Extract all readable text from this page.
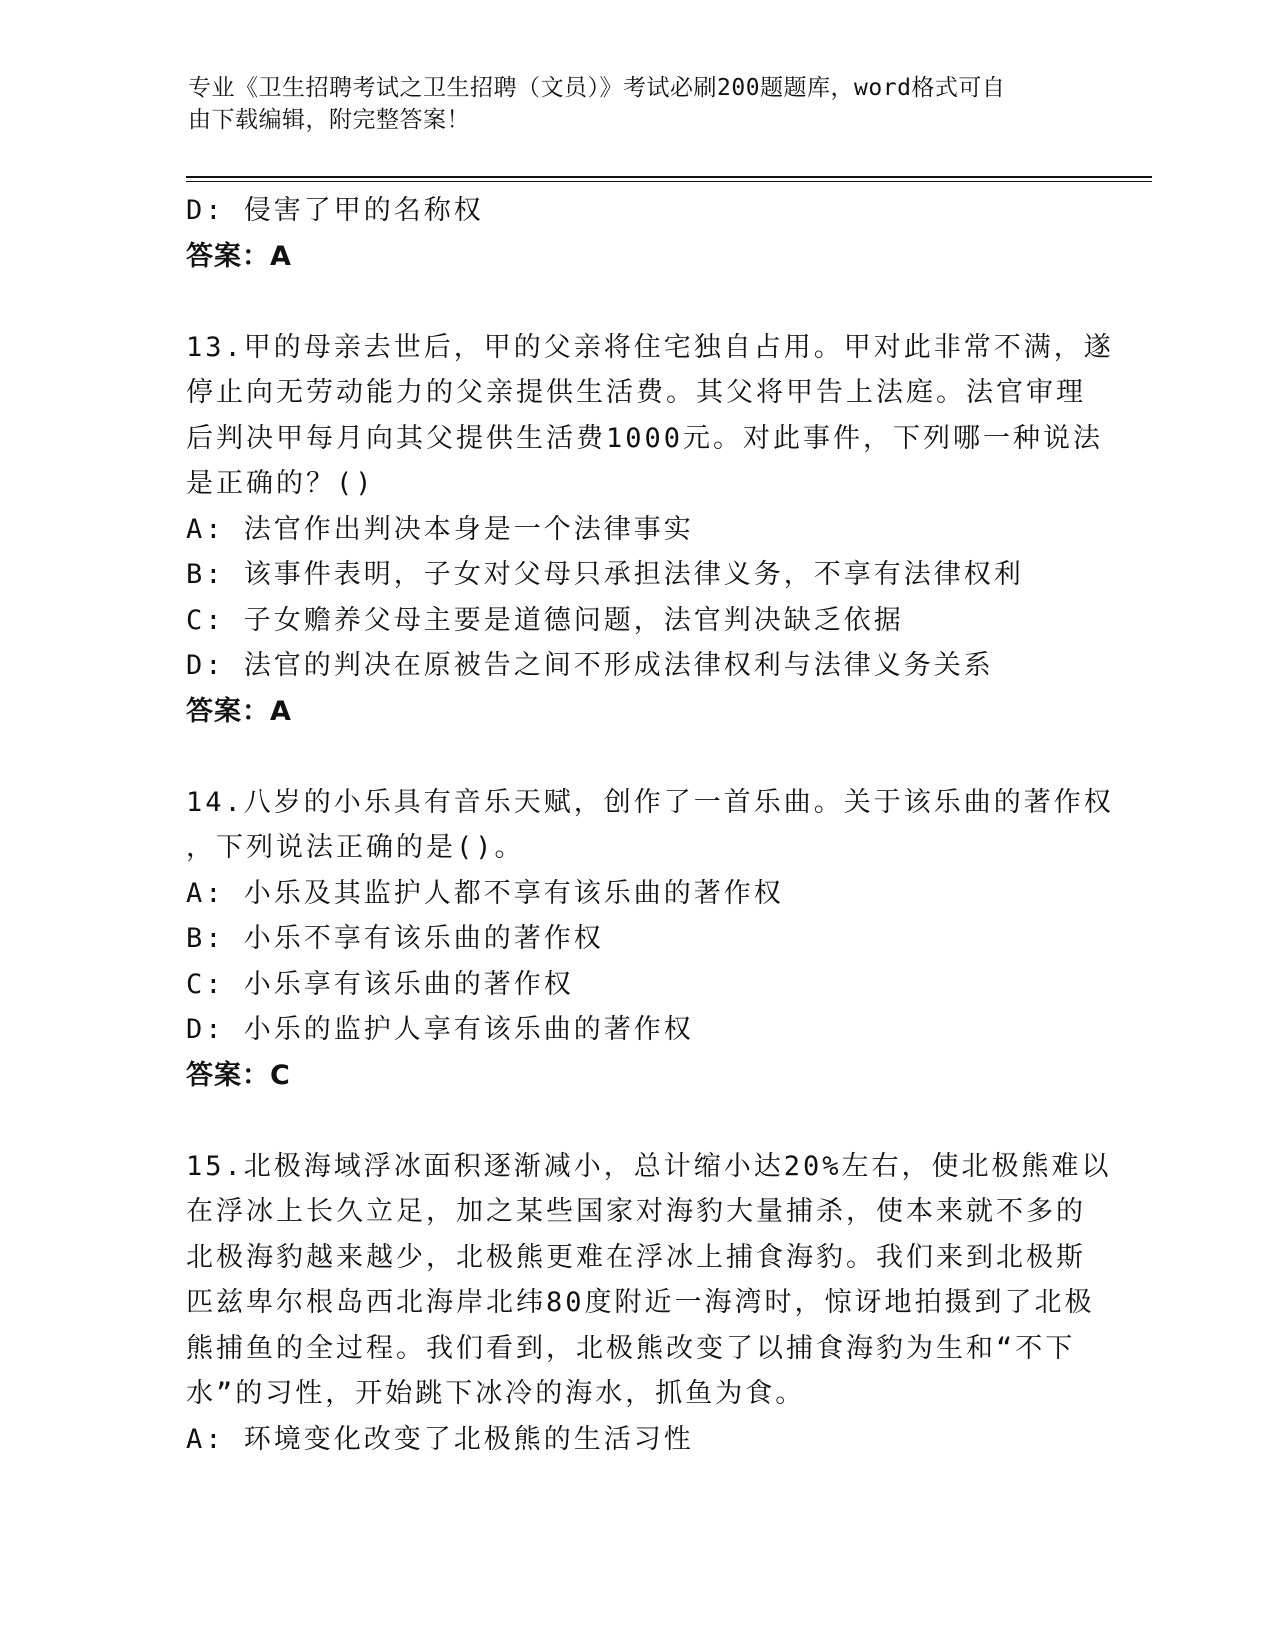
专业《卫生招聘考试之卫生招聘（文员）》考试必刷200题题库，word格式可自
由下载编辑，附完整答案！
D: 侵害了甲的名称权
答案：A
13.甲的母亲去世后，甲的父亲将住宅独自占用。甲对此非常不满，遂
停止向无劳动能力的父亲提供生活费。其父将甲告上法庭。法官审理
后判决甲每月向其父提供生活费1000元。对此事件，下列哪一种说法
是正确的？()
A: 法官作出判决本身是一个法律事实
B: 该事件表明，子女对父母只承担法律义务，不享有法律权利
C: 子女赡养父母主要是道德问题，法官判决缺乏依据
D: 法官的判决在原被告之间不形成法律权利与法律义务关系
答案：A
14.八岁的小乐具有音乐天赋，创作了一首乐曲。关于该乐曲的著作权
，下列说法正确的是()。
A: 小乐及其监护人都不享有该乐曲的著作权
B: 小乐不享有该乐曲的著作权
C: 小乐享有该乐曲的著作权
D: 小乐的监护人享有该乐曲的著作权
答案：C
15.北极海域浮冰面积逐渐减小，总计缩小达20%左右，使北极熊难以
在浮冰上长久立足，加之某些国家对海豹大量捕杀，使本来就不多的
北极海豹越来越少，北极熊更难在浮冰上捕食海豹。我们来到北极斯
匹兹卑尔根岛西北海岸北纬80度附近一海湾时，惊讶地拍摄到了北极
熊捕鱼的全过程。我们看到，北极熊改变了以捕食海豹为生和“不下
水”的习性，开始跳下冰冷的海水，抓鱼为食。
A: 环境变化改变了北极熊的生活习性
